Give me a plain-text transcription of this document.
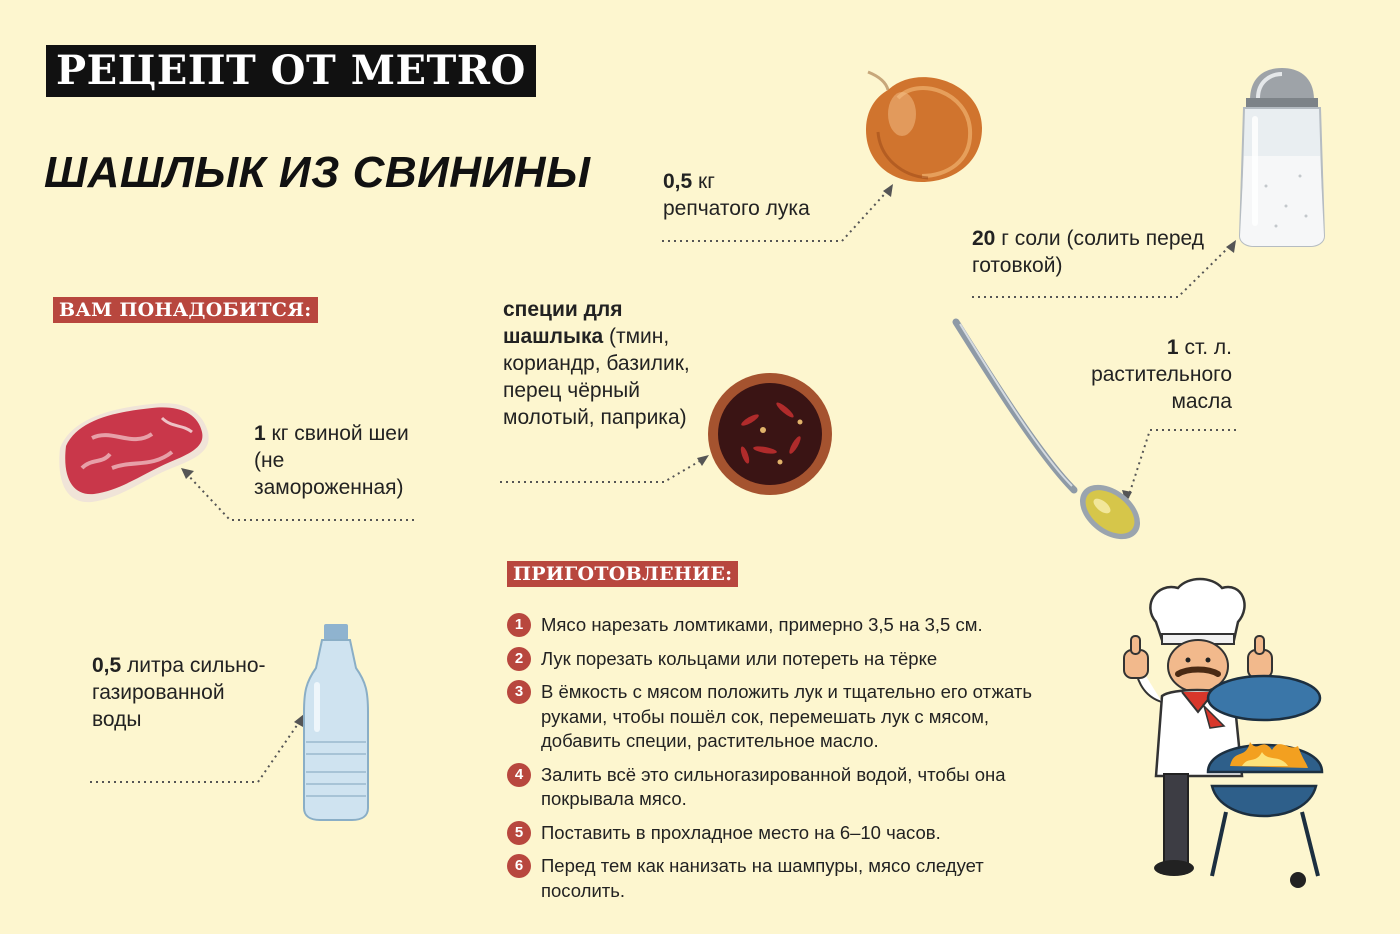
РЕЦЕПТ ОТ METRO
ШАШЛЫК ИЗ СВИНИНЫ
ВАМ ПОНАДОБИТСЯ:
ПРИГОТОВЛЕНИЕ:
1 кг свиной шеи (не замороженная)
0,5 литра сильно-газированной воды
специи для шашлыка (тмин, кориандр, базилик, перец чёрный молотый, паприка)
0,5 кг
репчатого лука
20 г соли (солить перед готовкой)
1 ст. л. растительного масла
1 Мясо нарезать ломтиками, примерно 3,5 на 3,5 см.
2 Лук порезать кольцами или потереть на тёрке
3 В ёмкость с мясом положить лук и тщательно его отжать руками, чтобы пошёл сок, перемешать лук с мясом, добавить специи, растительное масло.
4 Залить всё это сильногазированной водой, чтобы она покрывала мясо.
5 Поставить в прохладное место на 6–10 часов.
6 Перед тем как нанизать на шампуры, мясо следует посолить.
